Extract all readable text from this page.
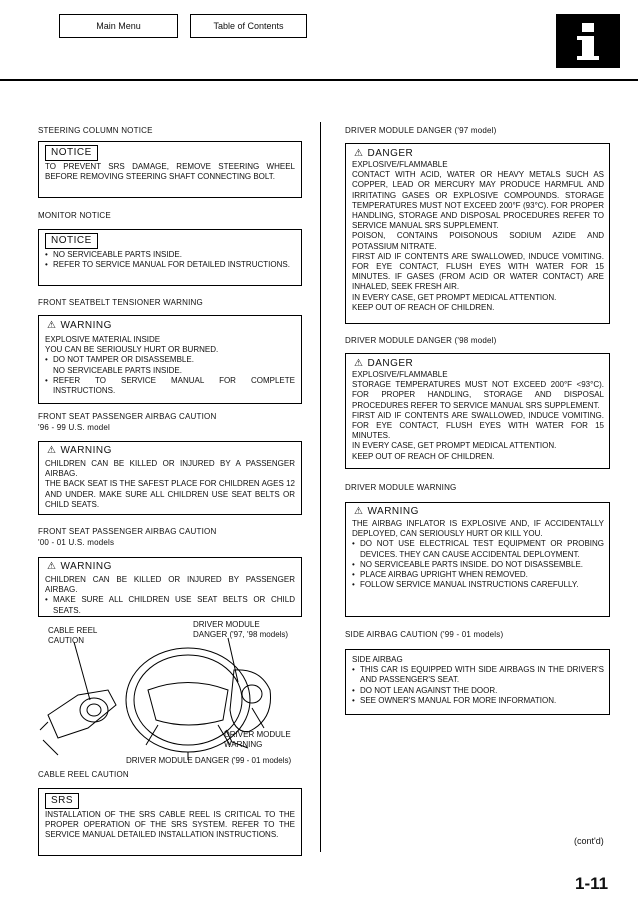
Main Menu	Table of Contents
STEERING COLUMN NOTICE
NOTICE
TO PREVENT SRS DAMAGE, REMOVE STEERING WHEEL BEFORE REMOVING STEERING SHAFT CONNECTING BOLT.
MONITOR NOTICE
NOTICE

• NO SERVICEABLE PARTS INSIDE.

• REFER TO SERVICE MANUAL FOR DETAILED INSTRUCTIONS.

FRONT SEATBELT TENSIONER WARNING
⚠ WARNING

EXPLOSIVE MATERIAL INSIDE

YOU CAN BE SERIOUSLY HURT OR BURNED.

• DO NOT TAMPER OR DISASSEMBLE.

NO SERVICEABLE PARTS INSIDE.

• REFER TO SERVICE MANUAL FOR COMPLETE INSTRUCTIONS.

FRONT SEAT PASSENGER AIRBAG CAUTION
'96 - 99 U.S. model
⚠ WARNING

CHILDREN CAN BE KILLED OR INJURED BY A PASSENGER AIRBAG.

THE BACK SEAT IS THE SAFEST PLACE FOR CHILDREN AGES 12 AND UNDER. MAKE SURE ALL CHILDREN USE SEAT BELTS OR CHILD SEATS.

FRONT SEAT PASSENGER AIRBAG CAUTION
'00 - 01 U.S. models
⚠ WARNING

CHILDREN CAN BE KILLED OR INJURED BY PASSENGER AIRBAG.

• MAKE SURE ALL CHILDREN USE SEAT BELTS OR CHILD SEATS.

CABLE REEL
CAUTION
DRIVER MODULE
DANGER ('97, '98 models)
DRIVER MODULE
WARNING
DRIVER MODULE DANGER ('99 - 01 models)
CABLE REEL CAUTION
SRS
INSTALLATION OF THE SRS CABLE REEL IS CRITICAL TO THE PROPER OPERATION OF THE SRS SYSTEM. REFER TO THE SERVICE MANUAL DETAILED INSTALLATION INSTRUCTIONS.
DRIVER MODULE DANGER ('97 model)
⚠ DANGER
EXPLOSIVE/FLAMMABLE
CONTACT WITH ACID, WATER OR HEAVY METALS SUCH AS COPPER, LEAD OR MERCURY MAY PRODUCE HARMFUL AND IRRITATING GASES OR EXPLOSIVE COMPOUNDS. STORAGE TEMPERATURES MUST NOT EXCEED 200°F (93°C). FOR PROPER HANDLING, STORAGE AND DISPOSAL PROCEDURES REFER TO SERVICE MANUAL SRS SUPPLEMENT.
POISON, CONTAINS POISONOUS SODIUM AZIDE AND POTASSIUM NITRATE.
FIRST AID IF CONTENTS ARE SWALLOWED, INDUCE VOMITING. FOR EYE CONTACT, FLUSH EYES WITH WATER FOR 15 MINUTES. IF GASES (FROM ACID OR WATER CONTACT) ARE INHALED, SEEK FRESH AIR.
IN EVERY CASE, GET PROMPT MEDICAL ATTENTION.
KEEP OUT OF REACH OF CHILDREN.
DRIVER MODULE DANGER ('98 model)
⚠ DANGER
EXPLOSIVE/FLAMMABLE
STORAGE TEMPERATURES MUST NOT EXCEED 200°F <93°C). FOR PROPER HANDLING, STORAGE AND DISPOSAL PROCEDURES REFER TO SERVICE MANUAL SRS SUPPLEMENT.
FIRST AID IF CONTENTS ARE SWALLOWED, INDUCE VOMITING. FOR EYE CONTACT, FLUSH EYES WITH WATER FOR 15 MINUTES.
IN EVERY CASE, GET PROMPT MEDICAL ATTENTION.
KEEP OUT OF REACH OF CHILDREN.
DRIVER MODULE WARNING
⚠ WARNING

THE AIRBAG INFLATOR IS EXPLOSIVE AND, IF ACCIDENTALLY DEPLOYED, CAN SERIOUSLY HURT OR KILL YOU.

• DO NOT USE ELECTRICAL TEST EQUIPMENT OR PROBING DEVICES. THEY CAN CAUSE ACCIDENTAL DEPLOYMENT.

• NO SERVICEABLE PARTS INSIDE. DO NOT DISASSEMBLE.

• PLACE AIRBAG UPRIGHT WHEN REMOVED.

• FOLLOW SERVICE MANUAL INSTRUCTIONS CAREFULLY.

SIDE AIRBAG CAUTION ('99 - 01 models)

SIDE AIRBAG

• THIS CAR IS EQUIPPED WITH SIDE AIRBAGS IN THE DRIVER'S AND PASSENGER'S SEAT.

• DO NOT LEAN AGAINST THE DOOR.

• SEE OWNER'S MANUAL FOR MORE INFORMATION.

(cont'd)
1-11
